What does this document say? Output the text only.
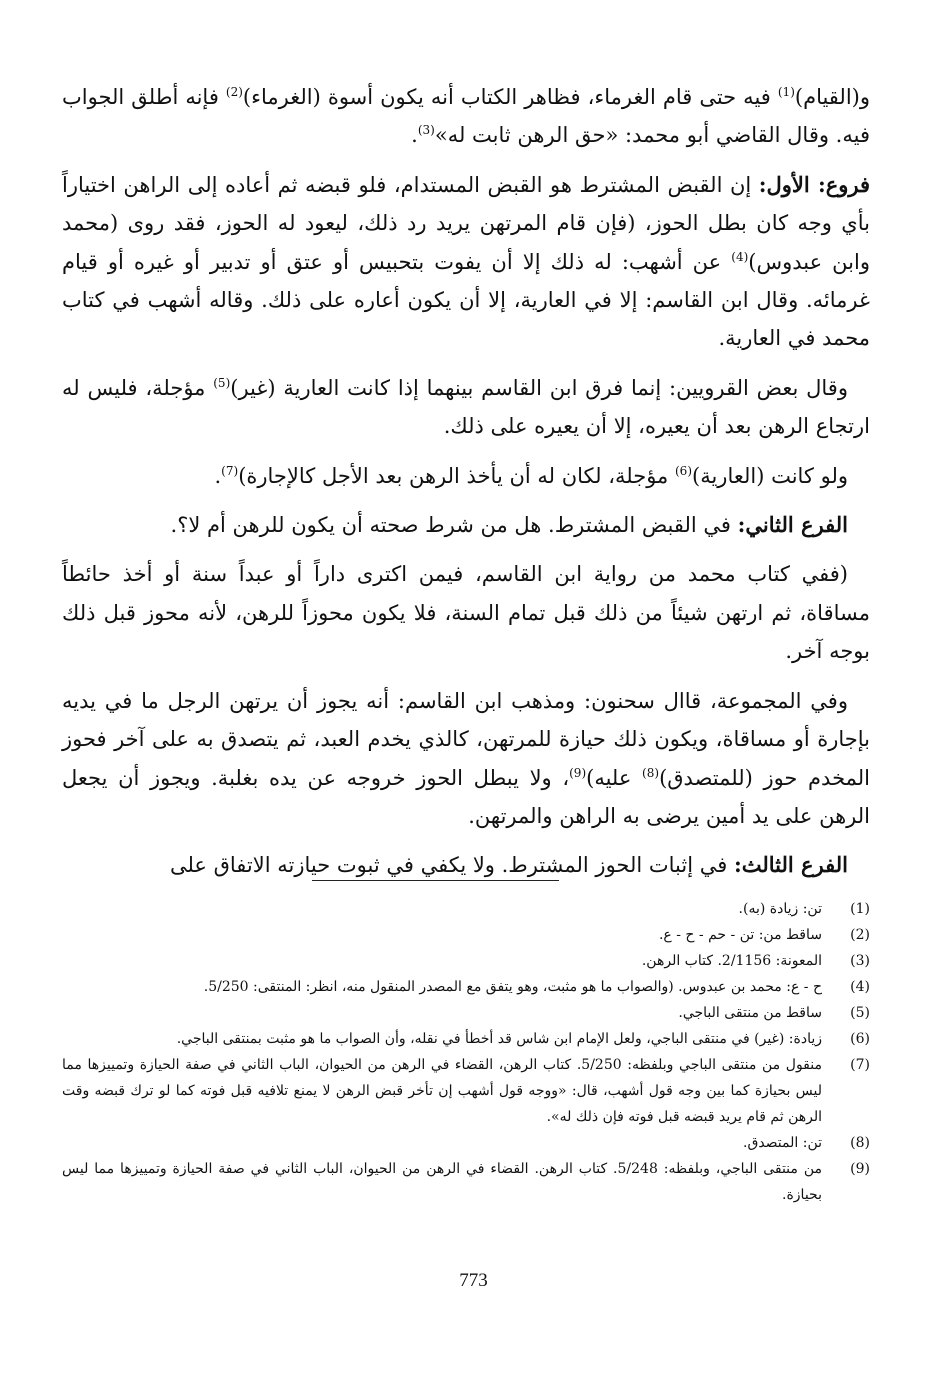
و(القيام)$^{(1)}$ فيه حتى قام الغرماء، فظاهر الكتاب أنه يكون أسوة (الغرماء)$^{(2)}$ فإنه أطلق الجواب فيه. وقال القاضي أبو محمد: «حق الرهن ثابت له»$^{(3)}$.

فروع: الأول: إن القبض المشترط هو القبض المستدام، فلو قبضه ثم أعاده إلى الراهن اختياراً بأي وجه كان بطل الحوز، (فإن قام المرتهن يريد رد ذلك، ليعود له الحوز، فقد روى (محمد وابن عبدوس)$^{(4)}$ عن أشهب: له ذلك إلا أن يفوت بتحبيس أو عتق أو تدبير أو غيره أو قيام غرمائه. وقال ابن القاسم: إلا في العارية، إلا أن يكون أعاره على ذلك. وقاله أشهب في كتاب محمد في العارية.

وقال بعض القرويين: إنما فرق ابن القاسم بينهما إذا كانت العارية (غير)$^{(5)}$ مؤجلة، فليس له ارتجاع الرهن بعد أن يعيره، إلا أن يعيره على ذلك.

ولو كانت (العارية)$^{(6)}$ مؤجلة، لكان له أن يأخذ الرهن بعد الأجل كالإجارة)$^{(7)}$.

الفرع الثاني: في القبض المشترط. هل من شرط صحته أن يكون للرهن أم لا؟.

(ففي كتاب محمد من رواية ابن القاسم، فيمن اكترى داراً أو عبداً سنة أو أخذ حائطاً مساقاة، ثم ارتهن شيئاً من ذلك قبل تمام السنة، فلا يكون محوزاً للرهن، لأنه محوز قبل ذلك بوجه آخر.

وفي المجموعة، قاال سحنون: ومذهب ابن القاسم: أنه يجوز أن يرتهن الرجل ما في يديه بإجارة أو مساقاة، ويكون ذلك حيازة للمرتهن، كالذي يخدم العبد، ثم يتصدق به على آخر فحوز المخدم حوز (للمتصدق)$^{(8)}$ عليه)$^{(9)}$، ولا يبطل الحوز خروجه عن يده بغلبة. ويجوز أن يجعل الرهن على يد أمين يرضى به الراهن والمرتهن.

الفرع الثالث: في إثبات الحوز المشترط. ولا يكفي في ثبوت حيازته الاتفاق على

(1)
تن: زيادة (به).
(2)
ساقط من: تن - حم - ح - ع.
(3)
المعونة: 2/1156. كتاب الرهن.
(4)
ح - ع: محمد بن عبدوس. (والصواب ما هو مثبت، وهو يتفق مع المصدر المنقول منه، انظر: المنتقى: 5/250.
(5)
ساقط من منتقى الباجي.
(6)
زيادة: (غير) في منتقى الباجي، ولعل الإمام ابن شاس قد أخطأ في نقله، وأن الصواب ما هو مثبت بمنتقى الباجي.
(7)
منقول من منتقى الباجي وبلفظه: 5/250. كتاب الرهن، القضاء في الرهن من الحيوان، الباب الثاني في صفة الحيازة وتمييزها مما ليس بحيازة كما بين وجه قول أشهب، قال: «ووجه قول أشهب إن تأخر قبض الرهن لا يمنع تلافيه قبل فوته كما لو ترك قبضه وقت الرهن ثم قام يريد قبضه قبل فوته فإن ذلك له».
(8)
تن: المتصدق.
(9)
من منتقى الباجي، وبلفظه: 5/248. كتاب الرهن. القضاء في الرهن من الحيوان، الباب الثاني في صفة الحيازة وتمييزها مما ليس بحيازة.
773
